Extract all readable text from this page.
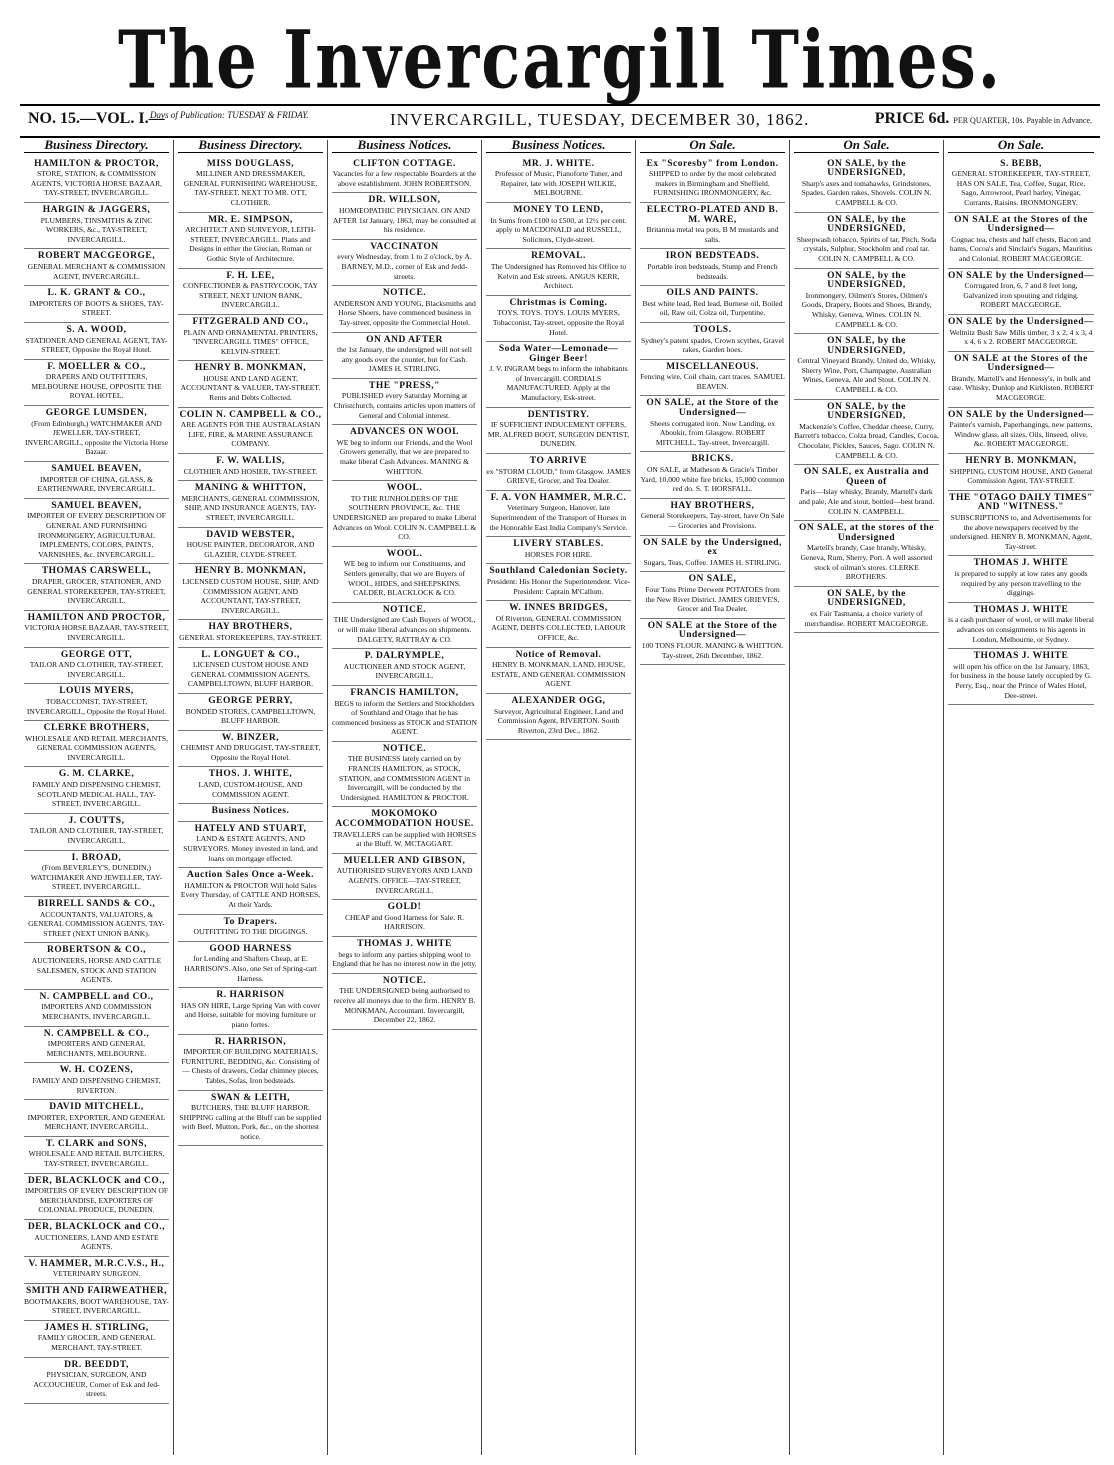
The Invercargill Times.
NO. 15.—VOL. I.—
Days of Publication: TUESDAY & FRIDAY.	INVERCARGILL, TUESDAY, DECEMBER 30, 1862.	PRICE 6d. PER QUARTER, 10s. Payable in Advance.
Business Directory.
HAMILTON & PROCTOR,
STORE, STATION, & COMMISSION AGENTS, VICTORIA HORSE BAZAAR, TAY-STREET, INVERCARGILL.
HARGIN & JAGGERS,
PLUMBERS, TINSMITHS & ZINC WORKERS, &c., TAY-STREET, INVERCARGILL.
ROBERT MACGEORGE,
GENERAL MERCHANT & COMMISSION AGENT, INVERCARGILL.
L. K. GRANT & CO.,
IMPORTERS OF BOOTS & SHOES, TAY-STREET.
S. A. WOOD,
STATIONER AND GENERAL AGENT, TAY-STREET, Opposite the Royal Hotel.
F. MOELLER & CO.,
DRAPERS AND OUTFITTERS, MELBOURNE HOUSE, OPPOSITE THE ROYAL HOTEL.
GEORGE LUMSDEN,
(From Edinburgh,) WATCHMAKER AND JEWELLER, TAY-STREET, INVERCARGILL, opposite the Victoria Horse Bazaar.
SAMUEL BEAVEN,
IMPORTER OF CHINA, GLASS, & EARTHENWARE, INVERCARGILL.
SAMUEL BEAVEN,
IMPORTER OF EVERY DESCRIPTION OF GENERAL AND FURNISHING IRONMONGERY, AGRICULTURAL IMPLEMENTS, COLORS, PAINTS, VARNISHES, &c. INVERCARGILL.
THOMAS CARSWELL,
DRAPER, GROCER, STATIONER, AND GENERAL STOREKEEPER, TAY-STREET, INVERCARGILL.
HAMILTON AND PROCTOR,
VICTORIA HORSE BAZAAR, TAY-STREET, INVERCARGILL.
GEORGE OTT,
TAILOR AND CLOTHIER, TAY-STREET, INVERCARGILL.
LOUIS MYERS,
TOBACCONIST, TAY-STREET, INVERCARGILL, Opposite the Royal Hotel.
CLERKE BROTHERS,
WHOLESALE AND RETAIL MERCHANTS, GENERAL COMMISSION AGENTS, INVERCARGILL.
G. M. CLARKE,
FAMILY AND DISPENSING CHEMIST, SCOTLAND MEDICAL HALL, TAY-STREET, INVERCARGILL.
J. COUTTS,
TAILOR AND CLOTHIER, TAY-STREET, INVERCARGILL.
I. BROAD,
(From BEVERLEY'S, DUNEDIN,) WATCHMAKER AND JEWELLER, TAY-STREET, INVERCARGILL.
BIRRELL SANDS & CO.,
ACCOUNTANTS, VALUATORS, & GENERAL COMMISSION AGENTS, TAY-STREET (NEXT UNION BANK).
ROBERTSON & CO.,
AUCTIONEERS, HORSE AND CATTLE SALESMEN, STOCK AND STATION AGENTS.
N. CAMPBELL and CO.,
IMPORTERS AND COMMISSION MERCHANTS, INVERCARGILL.
N. CAMPBELL & CO.,
IMPORTERS AND GENERAL MERCHANTS, MELBOURNE.
W. H. COZENS,
FAMILY AND DISPENSING CHEMIST, RIVERTON.
DAVID MITCHELL,
IMPORTER, EXPORTER, AND GENERAL MERCHANT, INVERCARGILL.
T. CLARK and SONS,
WHOLESALE AND RETAIL BUTCHERS, TAY-STREET, INVERCARGILL.
DER, BLACKLOCK and CO.,
IMPORTERS OF EVERY DESCRIPTION OF MERCHANDISE, EXPORTERS OF COLONIAL PRODUCE, DUNEDIN.
DER, BLACKLOCK and CO.,
AUCTIONEERS, LAND AND ESTATE AGENTS.
V. HAMMER, M.R.C.V.S., H.,
VETERINARY SURGEON.
SMITH AND FAIRWEATHER,
BOOTMAKERS, BOOT WAREHOUSE, TAY-STREET, INVERCARGILL.
JAMES H. STIRLING,
FAMILY GROCER, AND GENERAL MERCHANT, TAY-STREET.
DR. BEEDDT,
PHYSICIAN, SURGEON, AND ACCOUCHEUR, Corner of Esk and Jed-streets.
Business Directory.
MISS DOUGLASS,
MILLINER AND DRESSMAKER, GENERAL FURNISHING WAREHOUSE, TAY-STREET, NEXT TO MR. OTT, CLOTHIER.
MR. E. SIMPSON,
ARCHITECT AND SURVEYOR, LEITH-STREET, INVERCARGILL. Plans and Designs in either the Grecian, Roman or Gothic Style of Architecture.
F. H. LEE,
CONFECTIONER & PASTRYCOOK, TAY STREET, NEXT UNION BANK, INVERCARGILL.
FITZGERALD AND CO.,
PLAIN AND ORNAMENTAL PRINTERS, "INVERCARGILL TIMES" OFFICE, KELVIN-STREET.
HENRY B. MONKMAN,
HOUSE AND LAND AGENT, ACCOUNTANT & VALUER, TAY-STREET. Rents and Debts Collected.
COLIN N. CAMPBELL & CO.,
ARE AGENTS FOR THE AUSTRALASIAN LIFE, FIRE, & MARINE ASSURANCE COMPANY.
F. W. WALLIS,
CLOTHIER AND HOSIER, TAY-STREET.
MANING & WHITTON,
MERCHANTS, GENERAL COMMISSION, SHIP, AND INSURANCE AGENTS, TAY-STREET, INVERCARGILL.
DAVID WEBSTER,
HOUSE PAINTER, DECORATOR, AND GLAZIER, CLYDE-STREET.
HENRY B. MONKMAN,
LICENSED CUSTOM HOUSE, SHIP, AND COMMISSION AGENT, AND ACCOUNTANT, TAY-STREET, INVERCARGILL.
HAY BROTHERS,
GENERAL STOREKEEPERS, TAY-STREET.
L. LONGUET & CO.,
LICENSED CUSTOM HOUSE AND GENERAL COMMISSION AGENTS, CAMPBELLTOWN, BLUFF HARBOR.
GEORGE PERRY,
BONDED STORES, CAMPBELLTOWN, BLUFF HARBOR.
W. BINZER,
CHEMIST AND DRUGGIST, TAY-STREET, Opposite the Royal Hotel.
THOS. J. WHITE,
LAND, CUSTOM-HOUSE, AND COMMISSION AGENT.
Business Notices.
HATELY AND STUART,
LAND & ESTATE AGENTS, AND SURVEYORS. Money invested in land, and loans on mortgage effected.
Auction Sales Once a-Week.
HAMILTON & PROCTOR Will hold Sales Every Thursday, of CATTLE AND HORSES, At their Yards.
To Drapers.
OUTFITTING TO THE DIGGINGS.
GOOD HARNESS
for Lending and Shafters Cheap, at E. HARRISON'S. Also, one Set of Spring-cart Harness.
R. HARRISON
HAS ON HIRE, Large Spring Van with cover and Horse, suitable for moving furniture or piano fortes.
R. HARRISON,
IMPORTER OF BUILDING MATERIALS, FURNITURE, BEDDING, &c. Consisting of— Chests of drawers, Cedar chimney pieces, Tables, Sofas, Iron bedsteads.
SWAN & LEITH,
BUTCHERS, THE BLUFF HARBOR. SHIPPING calling at the Bluff can be supplied with Beef, Mutton, Pork, &c., on the shortest notice.
Business Notices.
CLIFTON COTTAGE.
Vacancies for a few respectable Boarders at the above establishment. JOHN ROBERTSON.
DR. WILLSON,
HOMŒOPATHIC PHYSICIAN. ON AND AFTER 1st January, 1863, may be consulted at his residence.
VACCINATON
every Wednesday, from 1 to 2 o'clock, by A. BARNEY, M.D., corner of Esk and Jedd-streets.
NOTICE.
ANDERSON AND YOUNG, Blacksmiths and Horse Shoers, have commenced business in Tay-street, opposite the Commercial Hotel.
ON AND AFTER
the 1st January, the undersigned will not sell any goods over the counter, but for Cash. JAMES H. STIRLING.
THE "PRESS,"
PUBLISHED every Saturday Morning at Christchurch, contains articles upon matters of General and Colonial interest.
ADVANCES ON WOOL
WE beg to inform our Friends, and the Wool Growers generally, that we are prepared to make liberal Cash Advances. MANING & WHITTON.
WOOL.
TO THE RUNHOLDERS OF THE SOUTHERN PROVINCE, &c. THE UNDERSIGNED are prepared to make Liberal Advances on Wool. COLIN N. CAMPBELL & CO.
WOOL.
WE beg to inform our Constituents, and Settlers generally, that we are Buyers of WOOL, HIDES, and SHEEPSKINS. CALDER, BLACKLOCK & CO.
NOTICE.
THE Undersigned are Cash Buyers of WOOL, or will make liberal advances on shipments. DALGETY, RATTRAY & CO.
P. DALRYMPLE,
AUCTIONEER AND STOCK AGENT, INVERCARGILL.
FRANCIS HAMILTON,
BEGS to inform the Settlers and Stockholders of Southland and Otago that he has commenced business as STOCK and STATION AGENT.
NOTICE.
THE BUSINESS lately carried on by FRANCIS HAMILTON, as STOCK, STATION, and COMMISSION AGENT in Invercargill, will be conducted by the Undersigned. HAMILTON & PROCTOR.
MOKOMOKO ACCOMMODATION HOUSE.
TRAVELLERS can be supplied with HORSES at the Bluff. W. MCTAGGART.
MUELLER AND GIBSON,
AUTHORISED SURVEYORS AND LAND AGENTS. OFFICE—TAY-STREET, INVERCARGILL.
GOLD!
CHEAP and Good Harness for Sale. R. HARRISON.
THOMAS J. WHITE
begs to inform any parties shipping wool to England that he has no interest now in the jetty.
NOTICE.
THE UNDERSIGNED being authorised to receive all moneys due to the firm. HENRY B. MONKMAN, Accountant. Invercargill, December 22, 1862.
Business Notices.
MR. J. WHITE.
Professor of Music, Pianoforte Tuner, and Repairer, late with JOSEPH WILKIE, MELBOURNE.
MONEY TO LEND,
In Sums from £100 to £500, at 12½ per cent. apply to MACDONALD and RUSSELL, Solicitors, Clyde-street.
REMOVAL.
The Undersigned has Removed his Office to Kelvin and Esk streets. ANGUS KERR, Architect.
Christmas is Coming.
TOYS. TOYS. TOYS. LOUIS MYERS, Tobacconist, Tay-street, opposite the Royal Hotel.
Soda Water—Lemonade—Ginger Beer!
J. V. INGRAM begs to inform the inhabitants of Invercargill. CORDIALS MANUFACTURED. Apply at the Manufactory, Esk-street.
DENTISTRY.
IF SUFFICIENT INDUCEMENT OFFERS, MR. ALFRED BOOT, SURGEON DENTIST, DUNEDIN.
TO ARRIVE
ex "STORM CLOUD," from Glasgow. JAMES GRIEVE, Grocer, and Tea Dealer.
F. A. VON HAMMER, M.R.C.
Veterinary Surgeon, Hanover, late Superintendent of the Transport of Horses in the Honorable East India Company's Service.
LIVERY STABLES.
HORSES FOR HIRE.
Southland Caledonian Society.
President: His Honor the Superintendent. Vice-President: Captain M'Callum.
W. INNES BRIDGES,
Of Riverton, GENERAL COMMISSION AGENT, DEBTS COLLECTED, LABOUR OFFICE, &c.
Notice of Removal.
HENRY B. MONKMAN, LAND, HOUSE, ESTATE, AND GENERAL COMMISSION AGENT.
ALEXANDER OGG,
Surveyor, Agricultural Engineer, Land and Commission Agent, RIVERTON. South Riverton, 23rd Dec., 1862.
On Sale.
Ex "Scoresby" from London.
SHIPPED to order by the most celebrated makers in Birmingham and Sheffield. FURNISHING IRONMONGERY, &c.
ELECTRO-PLATED AND B. M. WARE,
Britannia metal tea pots, B M mustards and salts.
IRON BEDSTEADS.
Portable iron bedsteads, Stump and French bedsteads.
OILS AND PAINTS.
Best white lead, Red lead, Burnese oil, Boiled oil, Raw oil, Colza oil, Turpentine.
TOOLS.
Sydney's patent spades, Crown scythes, Gravel rakes, Garden hoes.
MISCELLANEOUS.
Fencing wire, Coil chain, cart traces. SAMUEL BEAVEN.
ON SALE, at the Store of the Undersigned—
Sheets corrugated iron. Now Landing, ex Aboukir, from Glasgow. ROBERT MITCHELL, Tay-street, Invercargill.
BRICKS.
ON SALE, at Matheson & Gracie's Timber Yard, 10,000 white fire bricks, 15,000 common red do. S. T. HORSFALL.
HAY BROTHERS,
General Storekeepers, Tay-street, have On Sale— Groceries and Provisions.
ON SALE by the Undersigned, ex
Sugars, Teas, Coffee. JAMES H. STIRLING.
ON SALE,
Four Tons Prime Derwent POTATOES from the New River District. JAMES GRIEVE'S, Grocer and Tea Dealer.
ON SALE at the Store of the Undersigned—
100 TONS FLOUR. MANING & WHITTON. Tay-street, 26th December, 1862.
On Sale.
ON SALE, by the UNDERSIGNED,
Sharp's axes and tomahawks, Grindstones, Spades, Garden rakes, Shovels. COLIN N. CAMPBELL & CO.
ON SALE, by the UNDERSIGNED,
Sheepwash tobacco, Spirits of tar, Pitch, Soda crystals, Sulphur, Stockholm and coal tar. COLIN N. CAMPBELL & CO.
ON SALE, by the UNDERSIGNED,
Ironmongery, Oilmen's Stores, Oilmen's Goods, Drapery, Boots and Shoes, Brandy, Whisky, Geneva, Wines. COLIN N. CAMPBELL & CO.
ON SALE, by the UNDERSIGNED,
Central Vineyard Brandy, United do, Whisky, Sherry Wine, Port, Champagne, Australian Wines, Geneva, Ale and Stout. COLIN N. CAMPBELL & CO.
ON SALE, by the UNDERSIGNED,
Mackenzie's Coffee, Cheddar cheese, Curry, Barrett's tobacco, Colza bread, Candles, Cocoa, Chocolate, Pickles, Sauces, Sago. COLIN N. CAMPBELL & CO.
ON SALE, ex Australia and Queen of
Paris—Islay whisky, Brandy, Martell's dark and pale, Ale and stout, bottled—best brand. COLIN N. CAMPBELL.
ON SALE, at the stores of the Undersigned
Martell's brandy, Case brandy, Whisky, Geneva, Rum, Sherry, Port. A well assorted stock of oilman's stores. CLERKE BROTHERS.
ON SALE, by the UNDERSIGNED,
ex Fair Tasmania, a choice variety of merchandise. ROBERT MACGEORGE.
On Sale.
S. BEBB,
GENERAL STOREKEEPER, TAY-STREET, HAS ON SALE, Tea, Coffee, Sugar, Rice, Sago, Arrowroot, Pearl barley, Vinegar, Currants, Raisins. IRONMONGERY.
ON SALE at the Stores of the Undersigned—
Cognac tea, chests and half chests, Bacon and hams, Cocoa's and Sinclair's Sugars, Mauritius and Colonial. ROBERT MACGEORGE.
ON SALE by the Undersigned—
Corrugated Iron, 6, 7 and 8 feet long, Galvanized iron spouting and ridging. ROBERT MACGEORGE.
ON SALE by the Undersigned—
Weltnitz Bush Saw Mills timber, 3 x 2, 4 x 3, 4 x 4, 6 x 2. ROBERT MACGEORGE.
ON SALE at the Stores of the Undersigned—
Brandy, Martell's and Hennessy's, in bulk and case. Whisky, Dunlop and Kirkliston. ROBERT MACGEORGE.
ON SALE by the Undersigned—
Painter's varnish, Paperhangings, new patterns, Window glass, all sizes, Oils, linseed, olive, &c. ROBERT MACGEORGE.
HENRY B. MONKMAN,
SHIPPING, CUSTOM HOUSE, AND General Commission Agent, TAY-STREET.
THE "OTAGO DAILY TIMES" AND "WITNESS."
SUBSCRIPTIONS to, and Advertisements for the above newspapers received by the undersigned. HENRY B. MONKMAN, Agent, Tay-street.
THOMAS J. WHITE
is prepared to supply at low rates any goods required by any person travelling to the diggings.
THOMAS J. WHITE
is a cash purchaser of wool, or will make liberal advances on consignments to his agents in London, Melbourne, or Sydney.
THOMAS J. WHITE
will open his office on the 1st January, 1863, for business in the house lately occupied by G. Perry, Esq., near the Prince of Wales Hotel, Dee-street.
